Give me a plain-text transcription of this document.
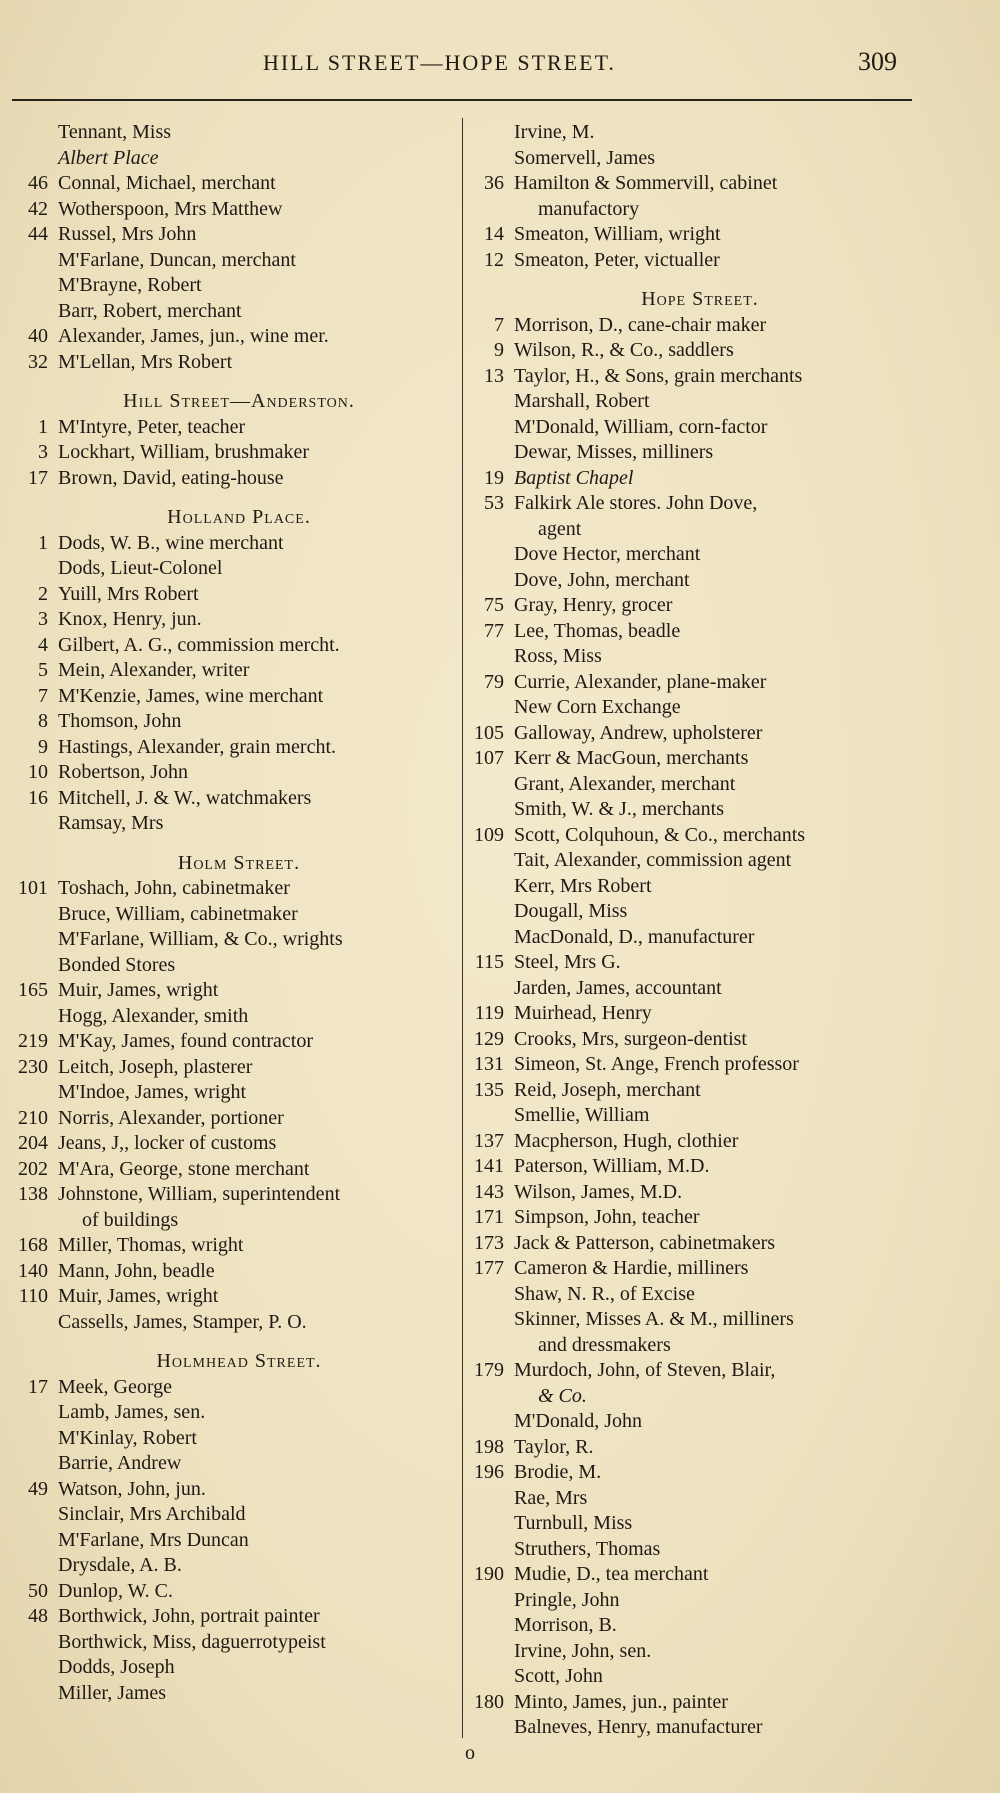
HILL STREET—HOPE STREET.	309
Tennant, Miss
Albert Place
46 Connal, Michael, merchant
42 Wotherspoon, Mrs Matthew
44 Russel, Mrs John
M'Farlane, Duncan, merchant
M'Brayne, Robert
Barr, Robert, merchant
40 Alexander, James, jun., wine mer.
32 M'Lellan, Mrs Robert
Hill Street—Anderston.
1 M'Intyre, Peter, teacher
3 Lockhart, William, brushmaker
17 Brown, David, eating-house
Holland Place.
1 Dods, W. B., wine merchant
Dods, Lieut-Colonel
2 Yuill, Mrs Robert
3 Knox, Henry, jun.
4 Gilbert, A. G., commission mercht.
5 Mein, Alexander, writer
7 M'Kenzie, James, wine merchant
8 Thomson, John
9 Hastings, Alexander, grain mercht.
10 Robertson, John
16 Mitchell, J. & W., watchmakers
Ramsay, Mrs
Holm Street.
101 Toshach, John, cabinetmaker
Bruce, William, cabinetmaker
M'Farlane, William, & Co., wrights
Bonded Stores
165 Muir, James, wright
Hogg, Alexander, smith
219 M'Kay, James, found contractor
230 Leitch, Joseph, plasterer
M'Indoe, James, wright
210 Norris, Alexander, portioner
204 Jeans, J,, locker of customs
202 M'Ara, George, stone merchant
138 Johnstone, William, superintendent
of buildings
168 Miller, Thomas, wright
140 Mann, John, beadle
110 Muir, James, wright
Cassells, James, Stamper, P. O.
Holmhead Street.
17 Meek, George
Lamb, James, sen.
M'Kinlay, Robert
Barrie, Andrew
49 Watson, John, jun.
Sinclair, Mrs Archibald
M'Farlane, Mrs Duncan
Drysdale, A. B.
50 Dunlop, W. C.
48 Borthwick, John, portrait painter
Borthwick, Miss, daguerrotypeist
Dodds, Joseph
Miller, James
Irvine, M.
Somervell, James
36 Hamilton & Sommervill, cabinet
manufactory
14 Smeaton, William, wright
12 Smeaton, Peter, victualler
Hope Street.
7 Morrison, D., cane-chair maker
9 Wilson, R., & Co., saddlers
13 Taylor, H., & Sons, grain merchants
Marshall, Robert
M'Donald, William, corn-factor
Dewar, Misses, milliners
19 Baptist Chapel
53 Falkirk Ale stores. John Dove,
agent
Dove Hector, merchant
Dove, John, merchant
75 Gray, Henry, grocer
77 Lee, Thomas, beadle
Ross, Miss
79 Currie, Alexander, plane-maker
New Corn Exchange
105 Galloway, Andrew, upholsterer
107 Kerr & MacGoun, merchants
Grant, Alexander, merchant
Smith, W. & J., merchants
109 Scott, Colquhoun, & Co., merchants
Tait, Alexander, commission agent
Kerr, Mrs Robert
Dougall, Miss
MacDonald, D., manufacturer
115 Steel, Mrs G.
Jarden, James, accountant
119 Muirhead, Henry
129 Crooks, Mrs, surgeon-dentist
131 Simeon, St. Ange, French professor
135 Reid, Joseph, merchant
Smellie, William
137 Macpherson, Hugh, clothier
141 Paterson, William, M.D.
143 Wilson, James, M.D.
171 Simpson, John, teacher
173 Jack & Patterson, cabinetmakers
177 Cameron & Hardie, milliners
Shaw, N. R., of Excise
Skinner, Misses A. & M., milliners
and dressmakers
179 Murdoch, John, of Steven, Blair,
& Co.
M'Donald, John
198 Taylor, R.
196 Brodie, M.
Rae, Mrs
Turnbull, Miss
Struthers, Thomas
190 Mudie, D., tea merchant
Pringle, John
Morrison, B.
Irvine, John, sen.
Scott, John
180 Minto, James, jun., painter
Balneves, Henry, manufacturer
o
